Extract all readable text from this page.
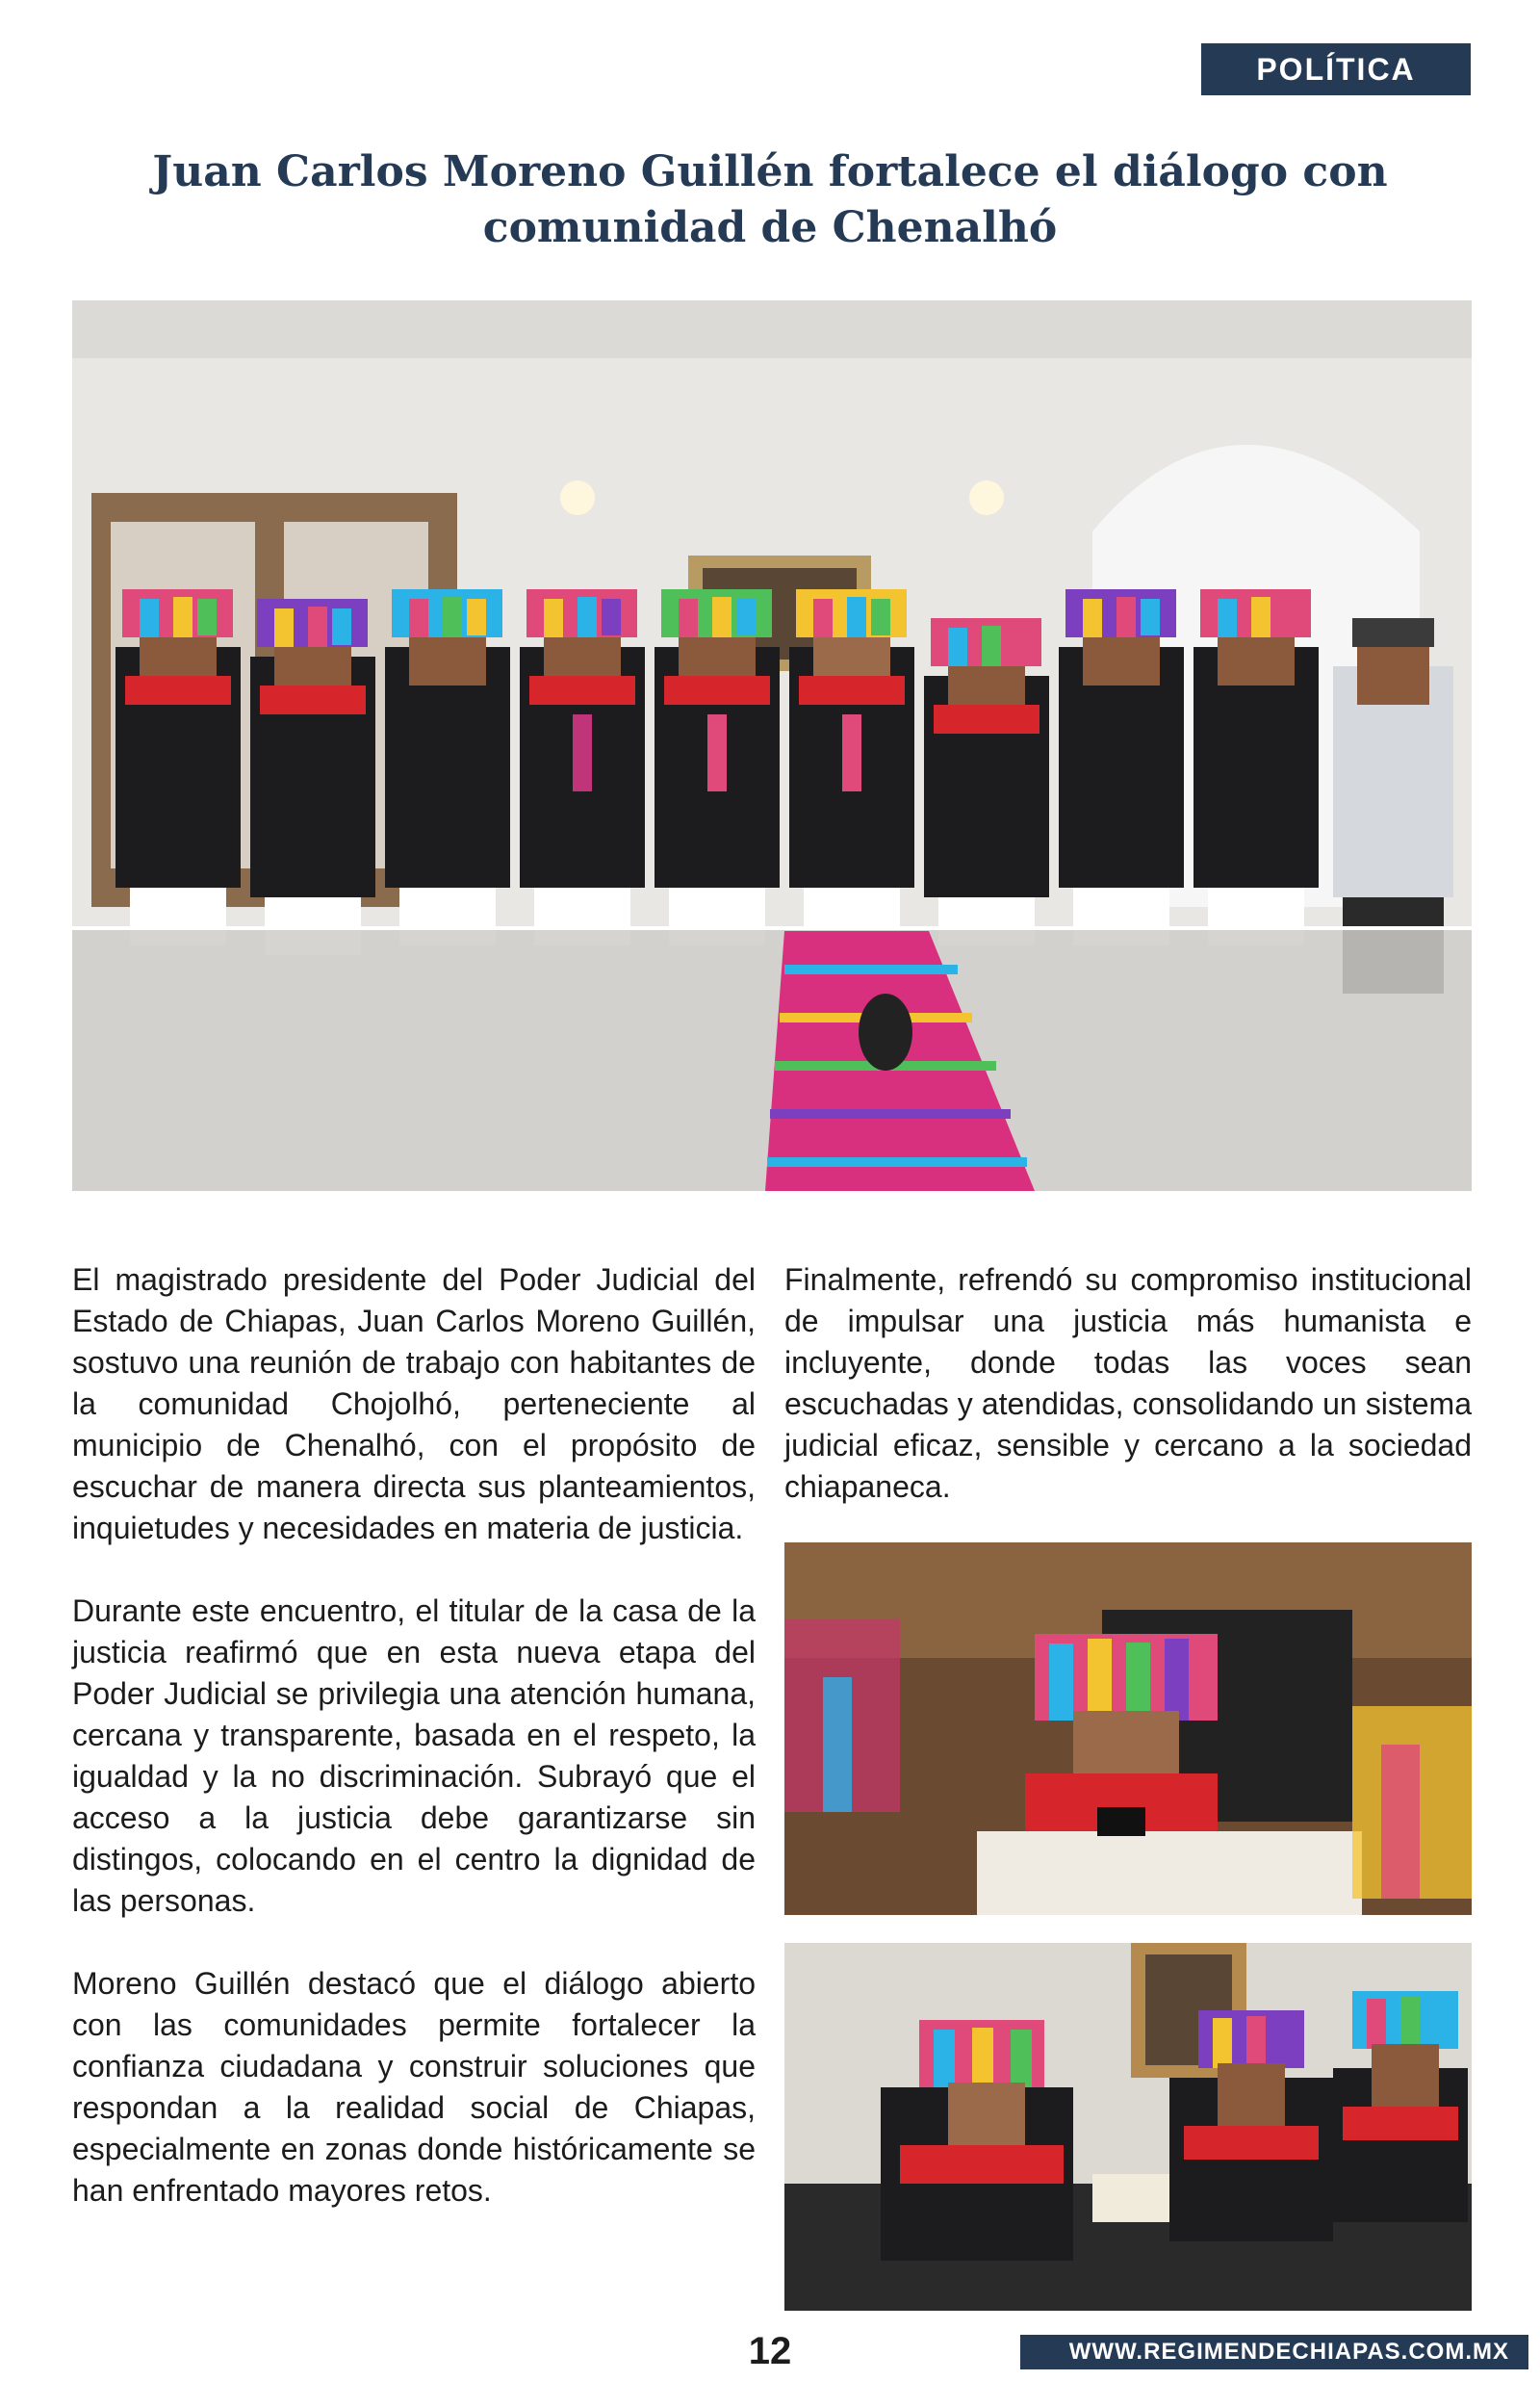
POLÍTICA
Juan Carlos Moreno Guillén fortalece el diálogo con comunidad de Chenalhó

El magistrado presidente del Poder Judicial del Estado de Chiapas, Juan Carlos Moreno Guillén, sostuvo una reunión de trabajo con habitantes de la comunidad Chojolhó, perteneciente al municipio de Chenalhó, con el propósito de escuchar de manera directa sus planteamientos, inquietudes y necesidades en materia de justicia.

Durante este encuentro, el titular de la casa de la justicia reafirmó que en esta nueva etapa del Poder Judicial se privilegia una atención humana, cercana y transparente, basada en el respeto, la igualdad y la no discriminación. Subrayó que el acceso a la justicia debe garantizarse sin distingos, colocando en el centro la dignidad de las personas.

Moreno Guillén destacó que el diálogo abierto con las comunidades permite fortalecer la confianza ciudadana y construir soluciones que respondan a la realidad social de Chiapas, especialmente en zonas donde históricamente se han enfrentado mayores retos.

Finalmente, refrendó su compromiso institucional de impulsar una justicia más humanista e incluyente, donde todas las voces sean escuchadas y atendidas, consolidando un sistema judicial eficaz, sensible y cercano a la sociedad chiapaneca.

12	WWW.REGIMENDECHIAPAS.COM.MX
